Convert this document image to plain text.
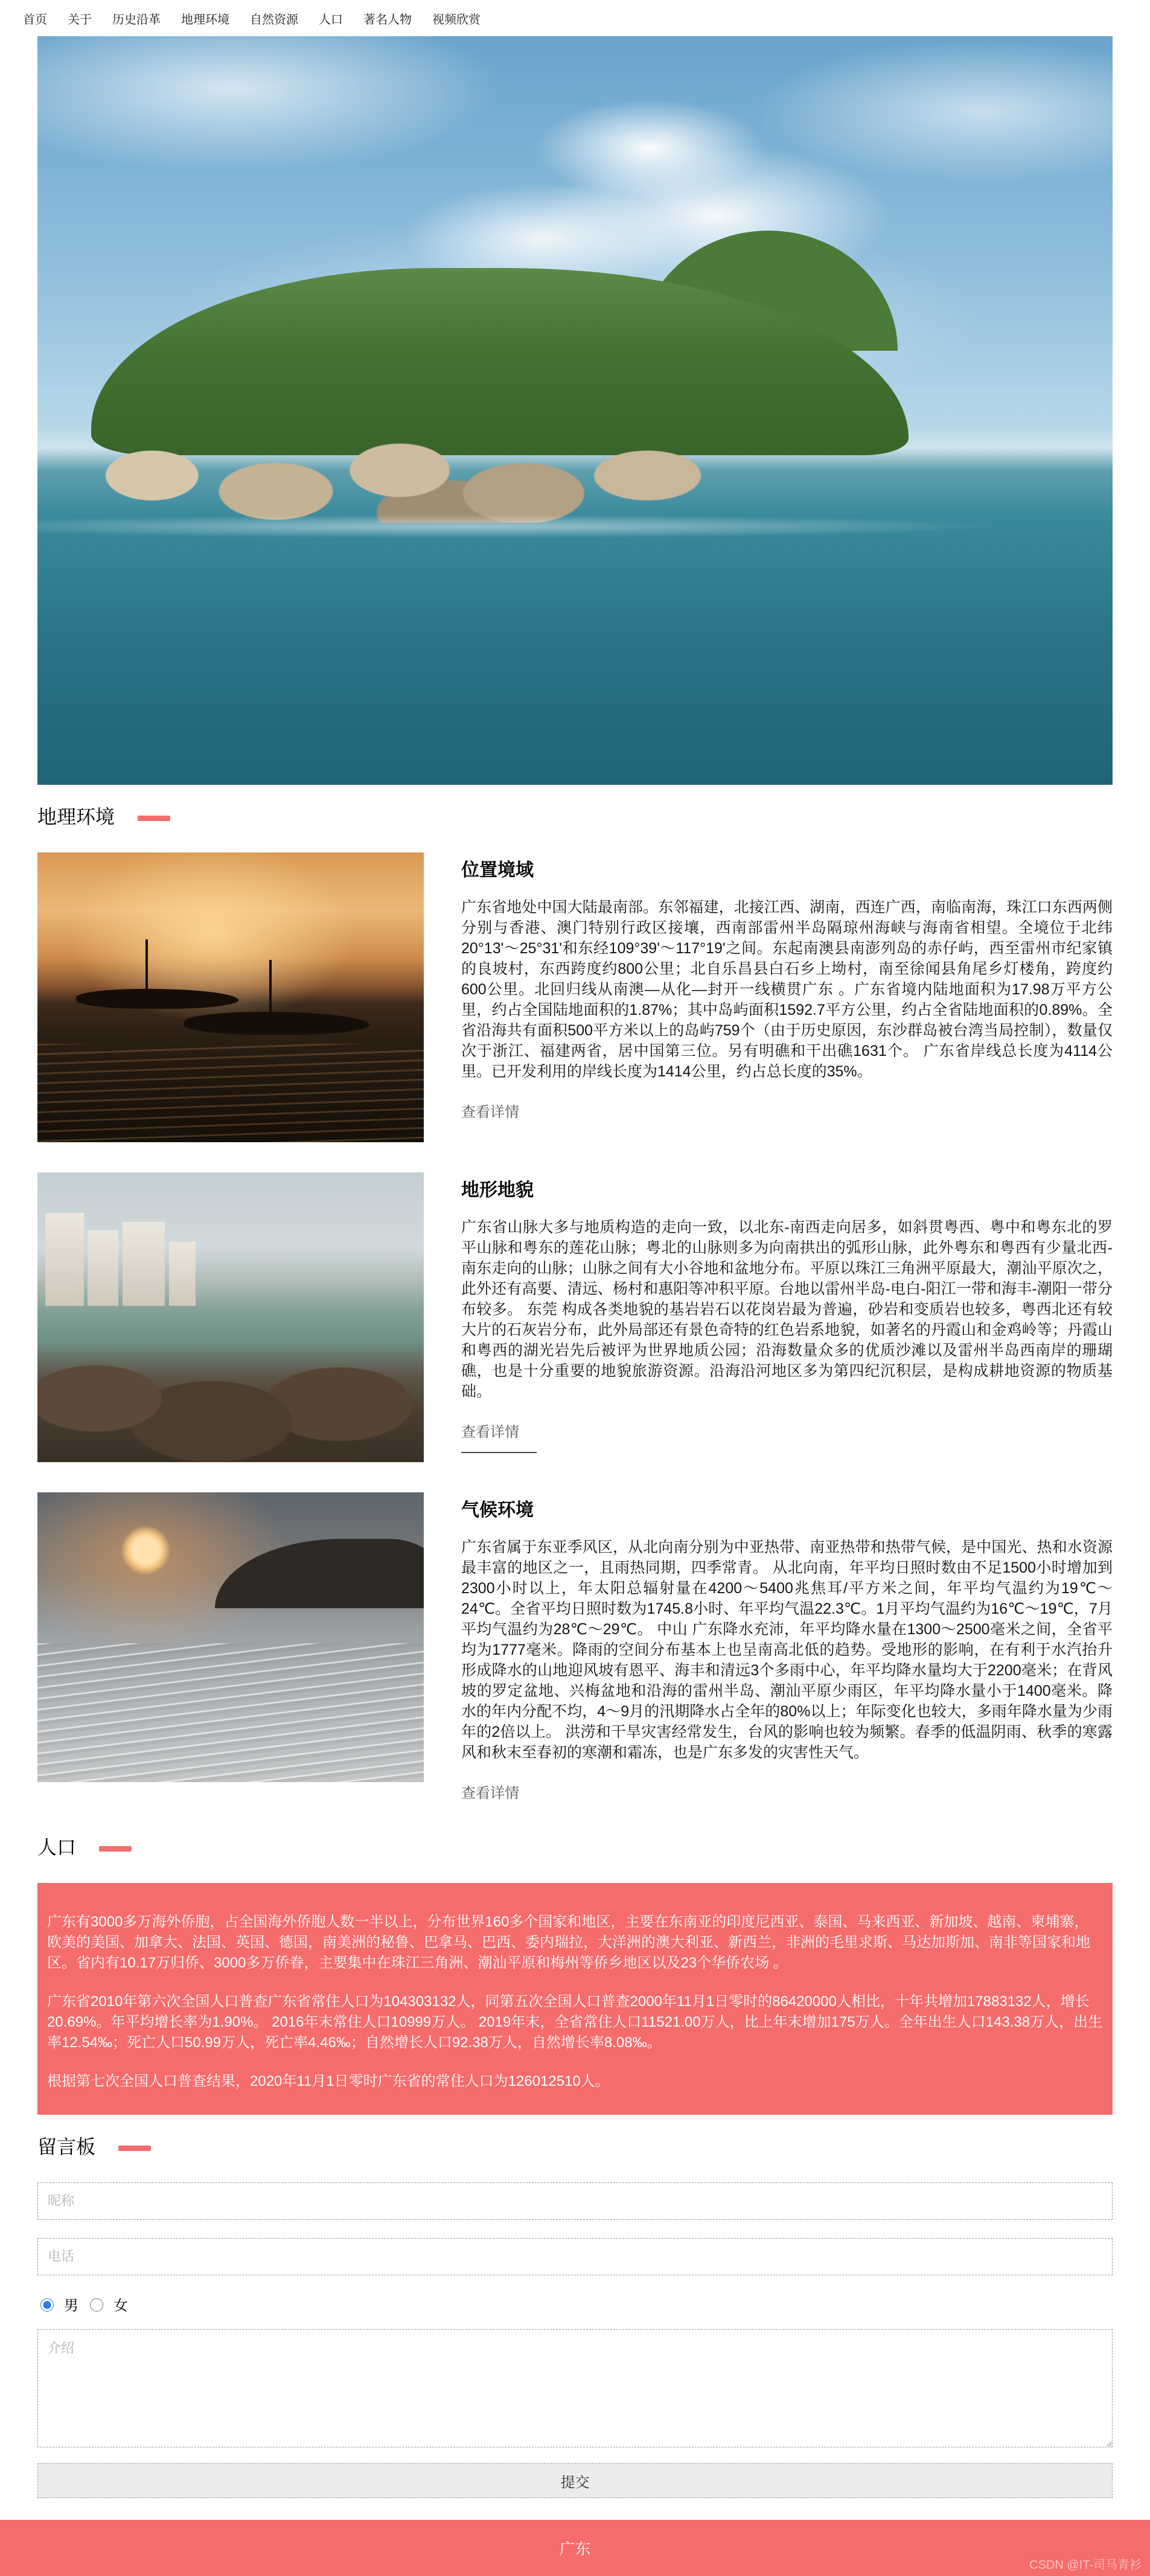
首页 关于 历史沿革 地理环境 自然资源 人口 著名人物 视频欣赏
地理环境
位置境域

广东省地处中国大陆最南部。东邻福建，北接江西、湖南，西连广西，南临南海，珠江口东西两侧分别与香港、澳门特别行政区接壤，西南部雷州半岛隔琼州海峡与海南省相望。全境位于北纬20°13'～25°31'和东经109°39'～117°19'之间。东起南澳县南澎列岛的赤仔屿，西至雷州市纪家镇的良坡村，东西跨度约800公里；北自乐昌县白石乡上坳村，南至徐闻县角尾乡灯楼角，跨度约600公里。北回归线从南澳—从化—封开一线横贯广东 。广东省境内陆地面积为17.98万平方公里，约占全国陆地面积的1.87%；其中岛屿面积1592.7平方公里，约占全省陆地面积的0.89%。全省沿海共有面积500平方米以上的岛屿759个（由于历史原因，东沙群岛被台湾当局控制），数量仅次于浙江、福建两省，居中国第三位。另有明礁和干出礁1631个。 广东省岸线总长度为4114公里。已开发利用的岸线长度为1414公里，约占总长度的35%。

查看详情
地形地貌

广东省山脉大多与地质构造的走向一致，以北东-南西走向居多，如斜贯粤西、粤中和粤东北的罗平山脉和粤东的莲花山脉；粤北的山脉则多为向南拱出的弧形山脉，此外粤东和粤西有少量北西-南东走向的山脉；山脉之间有大小谷地和盆地分布。平原以珠江三角洲平原最大，潮汕平原次之，此外还有高要、清远、杨村和惠阳等冲积平原。台地以雷州半岛-电白-阳江一带和海丰-潮阳一带分布较多。 东莞 构成各类地貌的基岩岩石以花岗岩最为普遍，砂岩和变质岩也较多，粤西北还有较大片的石灰岩分布，此外局部还有景色奇特的红色岩系地貌，如著名的丹霞山和金鸡岭等；丹霞山和粤西的湖光岩先后被评为世界地质公园；沿海数量众多的优质沙滩以及雷州半岛西南岸的珊瑚礁，也是十分重要的地貌旅游资源。沿海沿河地区多为第四纪沉积层，是构成耕地资源的物质基础。

查看详情
气候环境

广东省属于东亚季风区，从北向南分别为中亚热带、南亚热带和热带气候，是中国光、热和水资源最丰富的地区之一，且雨热同期，四季常青。 从北向南，年平均日照时数由不足1500小时增加到2300小时以上，年太阳总辐射量在4200～5400兆焦耳/平方米之间，年平均气温约为19℃～24℃。全省平均日照时数为1745.8小时、年平均气温22.3℃。1月平均气温约为16℃～19℃，7月平均气温约为28℃～29℃。 中山 广东降水充沛，年平均降水量在1300～2500毫米之间，全省平均为1777毫米。降雨的空间分布基本上也呈南高北低的趋势。受地形的影响，在有利于水汽抬升形成降水的山地迎风坡有恩平、海丰和清远3个多雨中心，年平均降水量均大于2200毫米；在背风坡的罗定盆地、兴梅盆地和沿海的雷州半岛、潮汕平原少雨区，年平均降水量小于1400毫米。降水的年内分配不均，4～9月的汛期降水占全年的80%以上；年际变化也较大，多雨年降水量为少雨年的2倍以上。 洪涝和干旱灾害经常发生，台风的影响也较为频繁。春季的低温阴雨、秋季的寒露风和秋末至春初的寒潮和霜冻，也是广东多发的灾害性天气。

查看详情
人口

广东有3000多万海外侨胞，占全国海外侨胞人数一半以上，分布世界160多个国家和地区，主要在东南亚的印度尼西亚、泰国、马来西亚、新加坡、越南、柬埔寨，欧美的美国、加拿大、法国、英国、德国，南美洲的秘鲁、巴拿马、巴西、委内瑞拉，大洋洲的澳大利亚、新西兰，非洲的毛里求斯、马达加斯加、南非等国家和地区。省内有10.17万归侨、3000多万侨眷，主要集中在珠江三角洲、潮汕平原和梅州等侨乡地区以及23个华侨农场 。

广东省2010年第六次全国人口普查广东省常住人口为104303132人，同第五次全国人口普查2000年11月1日零时的86420000人相比，十年共增加17883132人，增长20.69%。年平均增长率为1.90%。 2016年末常住人口10999万人。 2019年末，全省常住人口11521.00万人，比上年末增加175万人。全年出生人口143.38万人，出生率12.54‰；死亡人口50.99万人，死亡率4.46‰；自然增长人口92.38万人，自然增长率8.08‰。

根据第七次全国人口普查结果，2020年11月1日零时广东省的常住人口为126012510人。

留言板
昵称
电话
男 女
介绍
提交
广东
CSDN @IT-司马青衫
